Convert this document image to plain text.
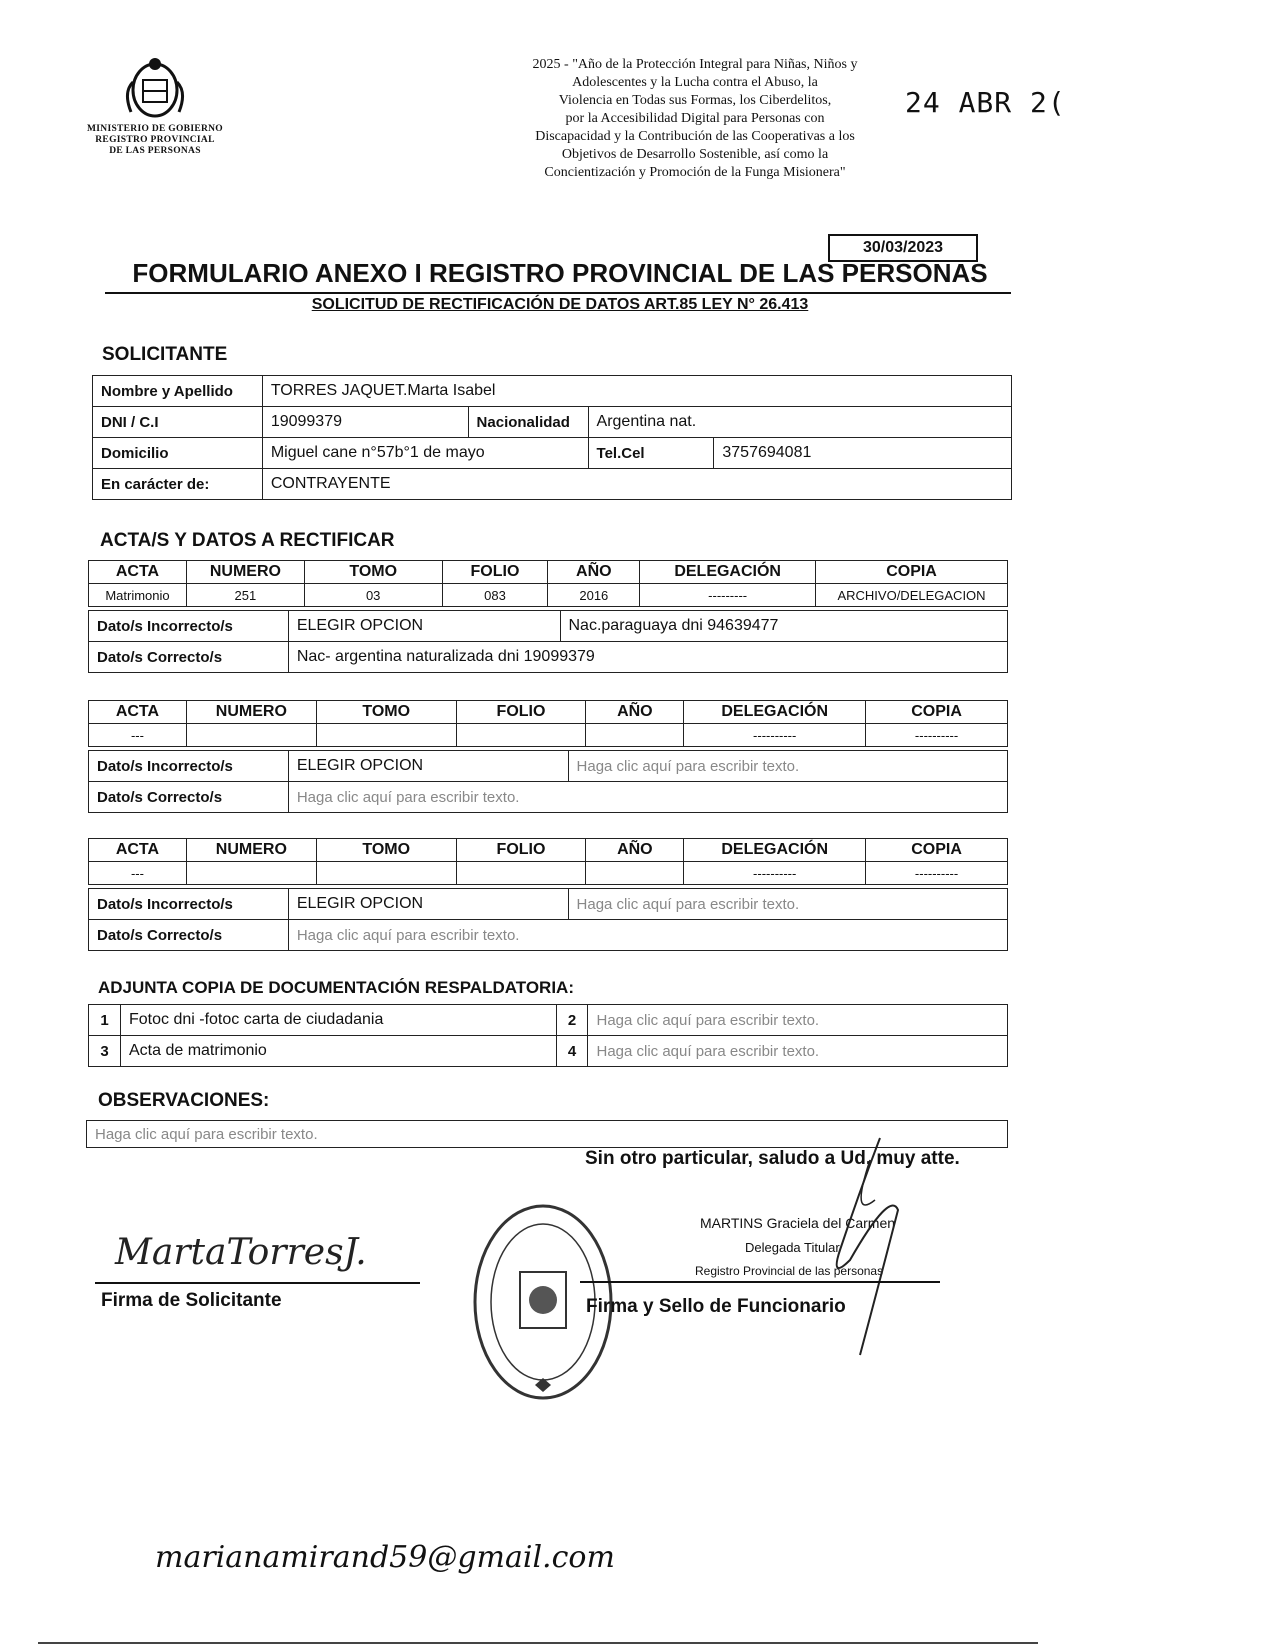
MINISTERIO DE GOBIERNO
REGISTRO PROVINCIAL
DE LAS PERSONAS
2025 - "Año de la Protección Integral para Niñas, Niños y
Adolescentes y la Lucha contra el Abuso, la
Violencia en Todas sus Formas, los Ciberdelitos,
por la Accesibilidad Digital para Personas con
Discapacidad y la Contribución de las Cooperativas a los
Objetivos de Desarrollo Sostenible, así como la
Concientización y Promoción de la Funga Misionera"
24 ABR 2(
30/03/2023
FORMULARIO ANEXO I REGISTRO PROVINCIAL DE LAS PERSONAS
SOLICITUD DE RECTIFICACIÓN DE DATOS ART.85 LEY N° 26.413
SOLICITANTE
Nombre y Apellido	TORRES JAQUET.Marta Isabel			
DNI / C.I	19099379	Nacionalidad	Argentina nat.	
Domicilio	Miguel cane n°57b°1 de mayo		Tel.Cel	3757694081
En carácter de:	CONTRAYENTE			
ACTA/S Y DATOS A RECTIFICAR
ACTA	NUMERO	TOMO	FOLIO	AÑO	DELEGACIÓN	COPIA
Matrimonio	251	03	083	2016	---------	ARCHIVO/DELEGACION
Dato/s Incorrecto/s	ELEGIR OPCION	Nac.paraguaya dni 94639477
Dato/s Correcto/s	Nac- argentina naturalizada dni 19099379	
ACTA	NUMERO	TOMO	FOLIO	AÑO	DELEGACIÓN	COPIA
---					----------	----------
Dato/s Incorrecto/s	ELEGIR OPCION	Haga clic aquí para escribir texto.
Dato/s Correcto/s	Haga clic aquí para escribir texto.	
ACTA	NUMERO	TOMO	FOLIO	AÑO	DELEGACIÓN	COPIA
---					----------	----------
Dato/s Incorrecto/s	ELEGIR OPCION	Haga clic aquí para escribir texto.
Dato/s Correcto/s	Haga clic aquí para escribir texto.	
ADJUNTA COPIA DE DOCUMENTACIÓN RESPALDATORIA:
1	Fotoc dni -fotoc carta de ciudadania	2	Haga clic aquí para escribir texto.
3	Acta de matrimonio	4	Haga clic aquí para escribir texto.
OBSERVACIONES:
Haga clic aquí para escribir texto.
Sin otro particular, saludo a Ud. muy atte.
MartaTorresJ.
Firma de Solicitante
MARTINS Graciela del Carmen
Delegada Titular
Registro Provincial de las personas
Firma y Sello de Funcionario
marianamirand59@gmail.com
